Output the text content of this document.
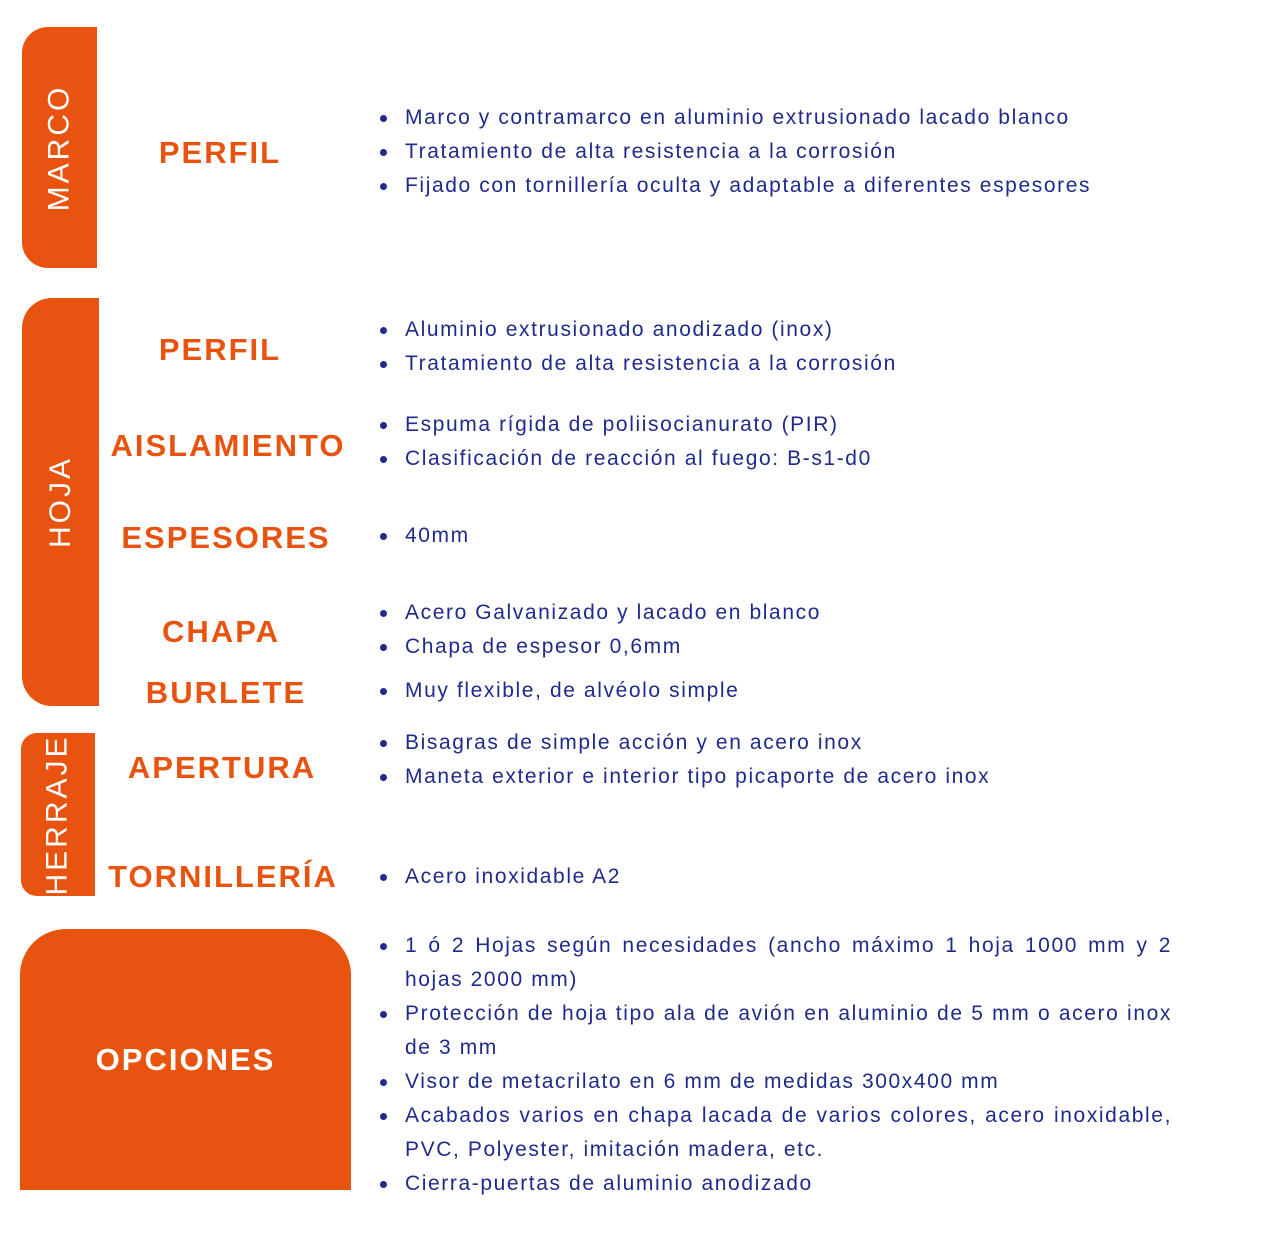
MARCO
HOJA
HERRAJE
OPCIONES
PERFIL
PERFIL
AISLAMIENTO
ESPESORES
CHAPA
BURLETE
APERTURA
TORNILLERÍA
Marco y contramarco en aluminio extrusionado lacado blanco
Tratamiento de alta resistencia a la corrosión
Fijado con tornillería oculta y adaptable a diferentes espesores
Aluminio extrusionado anodizado (inox)
Tratamiento de alta resistencia a la corrosión
Espuma rígida de poliisocianurato (PIR)
Clasificación de reacción al fuego: B-s1-d0
40mm
Acero Galvanizado y lacado en blanco
Chapa de espesor 0,6mm
Muy flexible, de alvéolo simple
Bisagras de simple acción y en acero inox
Maneta exterior e interior tipo picaporte de acero inox
Acero inoxidable A2
1 ó 2 Hojas según necesidades (ancho máximo 1 hoja 1000 mm y 2 hojas 2000 mm)
Protección de hoja tipo ala de avión en aluminio de 5 mm o acero inox de 3 mm
Visor de metacrilato en 6 mm de medidas 300x400 mm
Acabados varios en chapa lacada de varios colores, acero inoxidable, PVC, Polyester, imitación madera, etc.
Cierra-puertas de aluminio anodizado
